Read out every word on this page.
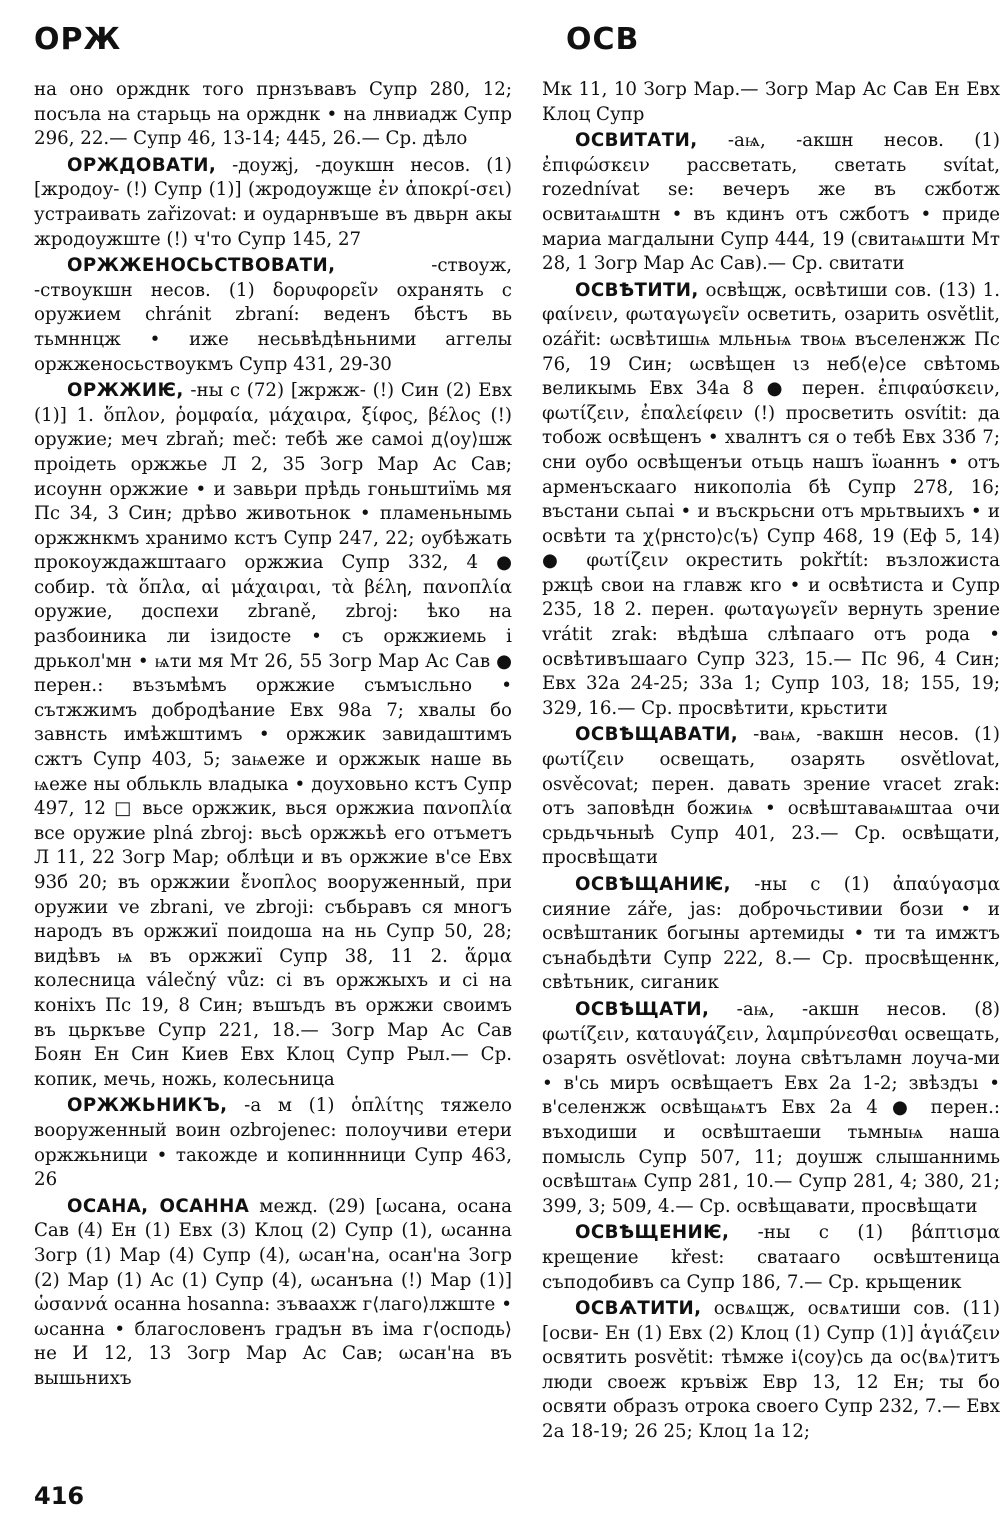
ОРЖ	ОСВ

на оно оржднк того прнзъвавъ Супр 280, 12; посъла на старьць на оржднк • на лнвиадж Супр 296, 22.— Супр 46, 13-14; 445, 26.— Ср. дѣло

ОРЖДОВАТИ, -доужj, -доукшн несов. (1) [жродоу- (!) Супр (1)] (жродоужще ἐν ἀποκρί-σει) устраивать zařizovat: и оударнвъше въ двьрн акы жродоужште (!) ч'то Супр 145, 27

ОРЖЖЕНОСЬСТВОВАТИ, -ствоуж, -ствоукшн несов. (1) δορυφορεῖν охранять с оружием chránit zbraní: веденъ бѣстъ вь тьмннцж • иже несьвѣдѣньними аггелы оржженосьствоукмъ Супр 431, 29-30

ОРЖЖИѤ, -ны с (72) [жржж- (!) Син (2) Евх (1)] 1. ὅπλον, ῥομφαία, μάχαιρα, ξίφος, βέλος (!) оружие; меч zbraň; meč: тебѣ же самоі д⟨оу⟩шж проідеть оржжье Л 2, 35 Зогр Мар Ас Сав; исоунн оржжие • и завьри прѣдь гоньштиїмь мя Пс 34, 3 Син; дрѣво животьнок • пламеньнымь оржжнкмъ хранимо кстъ Супр 247, 22; оубѣжать прокоуждажштаaго оржжиа Супр 332, 4 ● собир. τὰ ὅπλα, αἱ μάχαιραι, τὰ βέλη, πανοπλία оружие, доспехи zbraně, zbroj: ѣко на разбоиника ли ізидосте • съ оржжиемь і дрькол'мн • ѩти мя Мт 26, 55 Зогр Мар Ас Сав ● перен.: възъмѣмъ оржжие съмъıсльно • сътжжимъ добродѣание Евх 98а 7; хвалы бо завнсть имѣжштимъ • оржжик завидаштимъ сжтъ Супр 403, 5; заѩеже и оржжык наше вь ѩеже ны облькль владыка • доуховьно кстъ Супр 497, 12 □ вьсе оржжик, вься оржжиа πανοπλία все оружие plná zbroj: вьсѣ оржжьѣ его отъметъ Л 11, 22 Зогр Мар; облѣци и въ оржжие в'се Евх 93б 20; въ оржжии ἔνοπλος вооруженный, при оружии ve zbrani, ve zbroji: събьравъ ся многъ народъ въ оржжиї поидоша на нь Супр 50, 28; видѣвъ ѩ въ оржжиї Супр 38, 11 2. ἅρμα колесница válečný vůz: сі въ оржжыхъ и сі на коніхъ Пс 19, 8 Син; въшъдъ въ оржжи своимъ въ цьркъве Супр 221, 18.— Зогр Мар Ас Сав Боян Ен Син Киев Евх Клоц Супр Рыл.— Ср. копик, мечь, ножь, колесьница

ОРЖЖЬНИКЪ, -а м (1) ὁπλίτης тяжело вооруженный воин ozbrojenec: полоучиви етери оржжьници • такожде и копиннници Супр 463, 26

ОСАНА, ОСАННА межд. (29) [ωсана, осана Сав (4) Ен (1) Евх (3) Клоц (2) Супр (1), ωсанна Зогр (1) Мар (4) Супр (4), ωсан'на, осан'на Зогр (2) Мар (1) Ас (1) Супр (4), ωсанъна (!) Мар (1)] ὡσαννά осанна hosanna: зъвaахж г⟨лаго⟩лжште • ωсанна • благословенъ градън въ іма г⟨осподь⟩не И 12, 13 Зогр Мар Ас Сав; ωсан'на въ вышьнихъ

Мк 11, 10 Зогр Мар.— Зогр Мар Ас Сав Ен Евх Клоц Супр

ОСВИТАТИ, -аѩ, -акшн несов. (1) ἐπιφώσκειν рассветать, светать svítat, rozednívat se: вечеръ же въ сжботж освитаѩштн • въ кдинъ отъ сжботъ • приде мариа магдалыни Супр 444, 19 (свитаѩшти Мт 28, 1 Зогр Мар Ас Сав).— Ср. свитати

ОСВѢТИТИ, освѣщж, освѣтиши сов. (13) 1. φαίνειν, φωταγωγεῖν осветить, озарить osvětlit, ozářit: ωсвѣтишѩ мльньѩ твоѩ въселенжж Пс 76, 19 Син; ωсвѣщен ιз неб⟨е⟩се свѣтомь великымь Евх 34а 8 ● перен. ἐπιφαύσκειν, φωτίζειν, ἐπαλείφειν (!) просветить osvítit: да тобож освѣщенъ • хвалнтъ ся о тебѣ Евх 33б 7; сни оyбо освѣщенъи отьць нашъ їωаннъ • отъ арменъскааго никополіа бѣ Супр 278, 16; въстани сьпаі • и въскрьсни отъ мрьтвыихъ • и освѣти та χ⟨рнсто⟩с⟨ъ⟩ Супр 468, 19 (Еф 5, 14) ● φωτίζειν окрестить pokřtít: възложиста ржцѣ свои на главж кго • и освѣтиста и Супр 235, 18 2. перен. φωταγωγεῖν вернуть зрение vrátit zrak: вѣдѣша слѣпааго отъ рода • освѣтивъшааго Супр 323, 15.— Пс 96, 4 Син; Евх 32а 24-25; 33а 1; Супр 103, 18; 155, 19; 329, 16.— Ср. просвѣтити, крьстити

ОСВѢЩАВАТИ, -ваѩ, -вакшн несов. (1) φωτίζειν освещать, озарять osvětlovat, osvěcovat; перен. давать зрение vracet zrak: отъ заповѣдн божиѩ • освѣштаваѩштаа очи срьдьчьныѣ Супр 401, 23.— Ср. освѣщати, просвѣщати

ОСВѢЩАНИѤ, -ны с (1) ἀπαύγασμα сияние záře, jas: доброчьстивии бози • и освѣштаник богыны артемиды • ти та имжтъ сънабьдѣти Супр 222, 8.— Ср. просвѣщеннк, свѣтьник, сиганик

ОСВѢЩАТИ, -аѩ, -акшн несов. (8) φωτίζειν, καταυγάζειν, λαμπρύνεσθαι освещать, озарять osvětlovat: лоуна свѣтъламн лоуча-ми • в'сь миръ освѣщаетъ Евх 2а 1-2; звѣздъı • в'селенжж освѣщаѩтъ Евх 2а 4 ● перен.: въходиши и освѣштаеши тьмныѩ наша помысль Супр 507, 11; доушж слышаннимь освѣштаѩ Супр 281, 10.— Супр 281, 4; 380, 21; 399, 3; 509, 4.— Ср. освѣщавати, просвѣщати

ОСВѢЩЕНИѤ, -ны с (1) βάπτισμα крещение křest: сватааго освѣштеница съподобивъ са Супр 186, 7.— Ср. крьщеник

ОСВѦТИТИ, освѧщж, освѧтиши сов. (11) [осви- Ен (1) Евх (2) Клоц (1) Супр (1)] ἁγιάζειν освятить posvětit: тѣмже і⟨соу⟩сь да ос⟨вѧ⟩титъ люди своеж кръвіж Евр 13, 12 Ен; ты бо освяти образъ отрока своего Супр 232, 7.— Евх 2а 18-19; 26 25; Клоц 1а 12;

416
